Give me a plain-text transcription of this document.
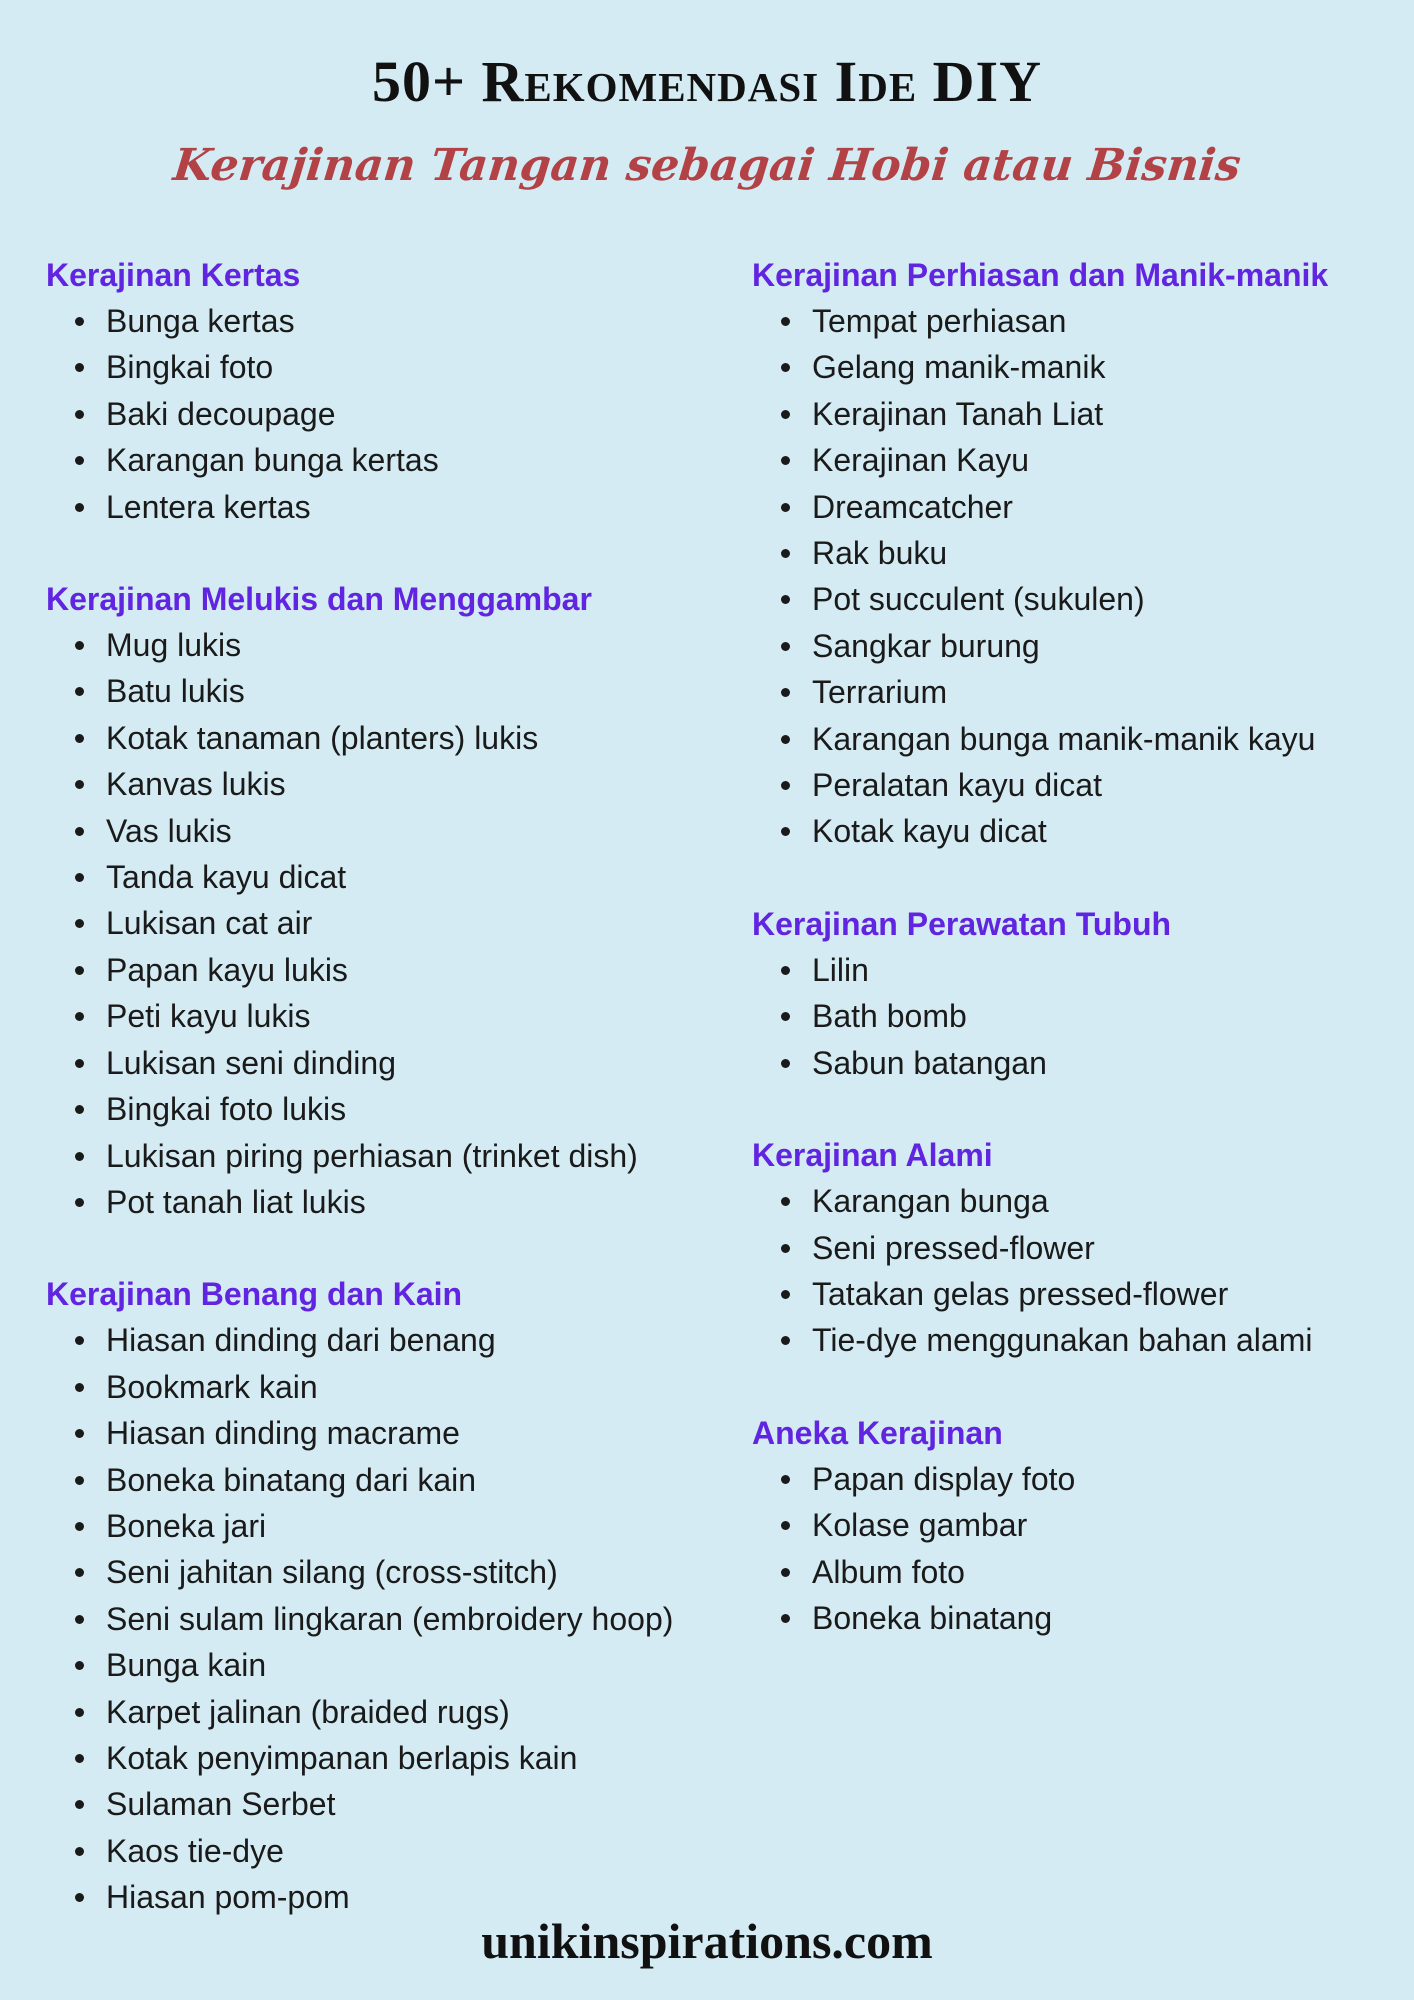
50+ Rekomendasi Ide DIY
Kerajinan Tangan sebagai Hobi atau Bisnis
Kerajinan Kertas
Bunga kertas
Bingkai foto
Baki decoupage
Karangan bunga kertas
Lentera kertas
Kerajinan Melukis dan Menggambar
Mug lukis
Batu lukis
Kotak tanaman (planters) lukis
Kanvas lukis
Vas lukis
Tanda kayu dicat
Lukisan cat air
Papan kayu lukis
Peti kayu lukis
Lukisan seni dinding
Bingkai foto lukis
Lukisan piring perhiasan (trinket dish)
Pot tanah liat lukis
Kerajinan Benang dan Kain
Hiasan dinding dari benang
Bookmark kain
Hiasan dinding macrame
Boneka binatang dari kain
Boneka jari
Seni jahitan silang (cross-stitch)
Seni sulam lingkaran (embroidery hoop)
Bunga kain
Karpet jalinan (braided rugs)
Kotak penyimpanan berlapis kain
Sulaman Serbet
Kaos tie-dye
Hiasan pom-pom
Kerajinan Perhiasan dan Manik-manik
Tempat perhiasan
Gelang manik-manik
Kerajinan Tanah Liat
Kerajinan Kayu
Dreamcatcher
Rak buku
Pot succulent (sukulen)
Sangkar burung
Terrarium
Karangan bunga manik-manik kayu
Peralatan kayu dicat
Kotak kayu dicat
Kerajinan Perawatan Tubuh
Lilin
Bath bomb
Sabun batangan
Kerajinan Alami
Karangan bunga
Seni pressed-flower
Tatakan gelas pressed-flower
Tie-dye menggunakan bahan alami
Aneka Kerajinan
Papan display foto
Kolase gambar
Album foto
Boneka binatang
unikinspirations.com
